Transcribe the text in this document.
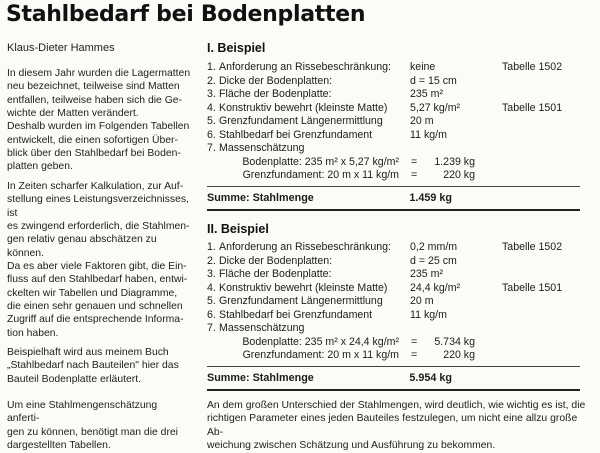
Stahlbedarf bei Bodenplatten
Klaus-Dieter Hammes

In diesem Jahr wurden die Lagermatten
neu bezeichnet, teilweise sind Matten
entfallen, teilweise haben sich die Ge-
wichte der Matten verändert.
Deshalb wurden im Folgenden Tabellen
entwickelt, die einen sofortigen Über-
blick über den Stahlbedarf bei Boden-
platten geben.

In Zeiten scharfer Kalkulation, zur Auf-
stellung eines Leistungsverzeichnisses, ist
es zwingend erforderlich, die Stahlmen-
gen relativ genau abschätzen zu können.
Da es aber viele Faktoren gibt, die Ein-
fluss auf den Stahlbedarf haben, entwi-
ckelten wir Tabellen und Diagramme,
die einen sehr genauen und schnellen
Zugriff auf die entsprechende Informa-
tion haben.

Beispielhaft wird aus meinem Buch
„Stahlbedarf nach Bauteilen" hier das
Bauteil Bodenplatte erläutert.

Um eine Stahlmengenschätzung anferti-
gen zu können, benötigt man die drei
dargestellten Tabellen.

I. Beispiel
1. Anforderung an Rissebeschränkung: keine	Tabelle 1502
2. Dicke der Bodenplatten:	d = 15 cm
3. Fläche der Bodenplatte:	235 m²
4. Konstruktiv bewehrt (kleinste Matte) 5,27 kg/m²	Tabelle 1501
5. Grenzfundament Längenermittlung	20 m
6. Stahlbedarf bei Grenzfundament	11 kg/m
7. Massenschätzung
Bodenplatte: 235 m² x 5,27 kg/m² =	1.239 kg
Grenzfundament: 20 m x 11 kg/m =	220 kg
Summe: Stahlmenge	1.459 kg
II. Beispiel
1. Anforderung an Rissebeschränkung: 0,2 mm/m	Tabelle 1502
2. Dicke der Bodenplatten:	d = 25 cm
3. Fläche der Bodenplatte:	235 m²
4. Konstruktiv bewehrt (kleinste Matte) 24,4 kg/m²	Tabelle 1501
5. Grenzfundament Längenermittlung	20 m
6. Stahlbedarf bei Grenzfundament	11 kg/m
7. Massenschätzung
Bodenplatte: 235 m² x 24,4 kg/m² =	5.734 kg
Grenzfundament: 20 m x 11 kg/m =	220 kg
Summe: Stahlmenge	5.954 kg

An dem großen Unterschied der Stahlmengen, wird deutlich, wie wichtig es ist, die
richtigen Parameter eines jeden Bauteiles festzulegen, um nicht eine allzu große Ab-
weichung zwischen Schätzung und Ausführung zu bekommen.
